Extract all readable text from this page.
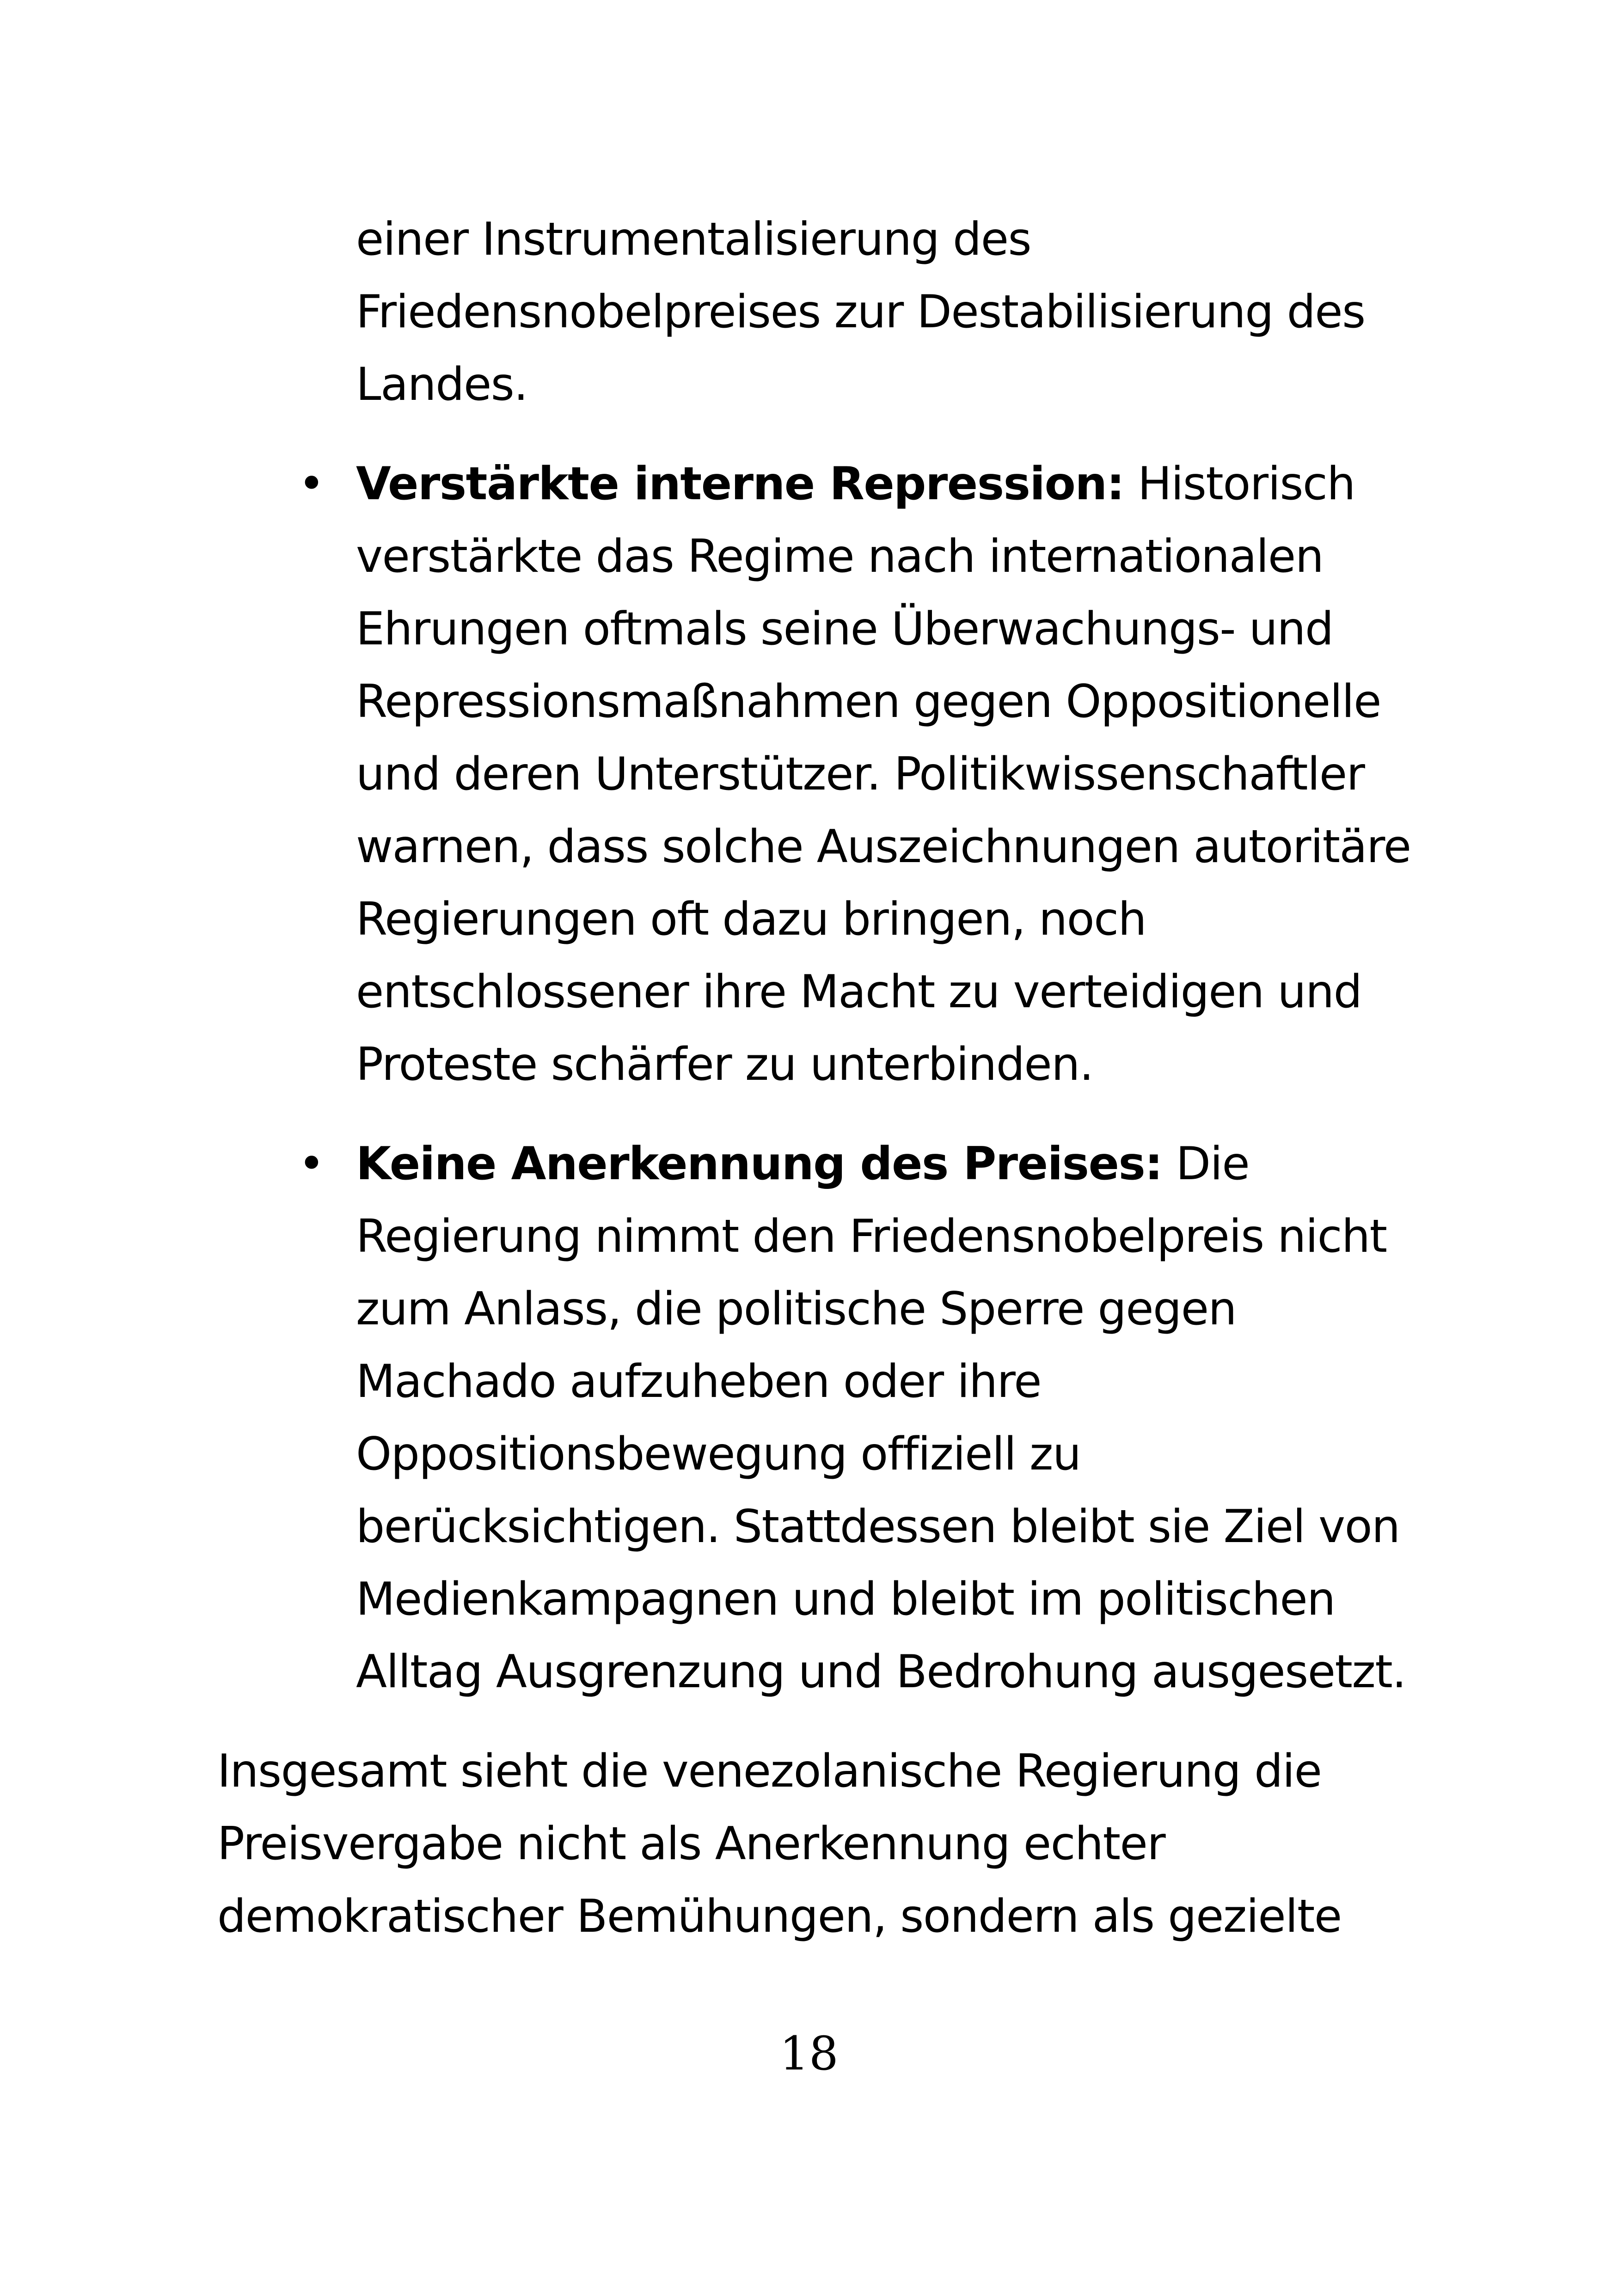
einer Instrumentalisierung des
Friedensnobelpreises zur Destabilisierung des
Landes.
• Verstärkte interne Repression: Historisch
verstärkte das Regime nach internationalen
Ehrungen oftmals seine Überwachungs- und
Repressionsmaßnahmen gegen Oppositionelle
und deren Unterstützer. Politikwissenschaftler
warnen, dass solche Auszeichnungen autoritäre
Regierungen oft dazu bringen, noch
entschlossener ihre Macht zu verteidigen und
Proteste schärfer zu unterbinden.
• Keine Anerkennung des Preises: Die
Regierung nimmt den Friedensnobelpreis nicht
zum Anlass, die politische Sperre gegen
Machado aufzuheben oder ihre
Oppositionsbewegung offiziell zu
berücksichtigen. Stattdessen bleibt sie Ziel von
Medienkampagnen und bleibt im politischen
Alltag Ausgrenzung und Bedrohung ausgesetzt.
Insgesamt sieht die venezolanische Regierung die
Preisvergabe nicht als Anerkennung echter
demokratischer Bemühungen, sondern als gezielte
18
